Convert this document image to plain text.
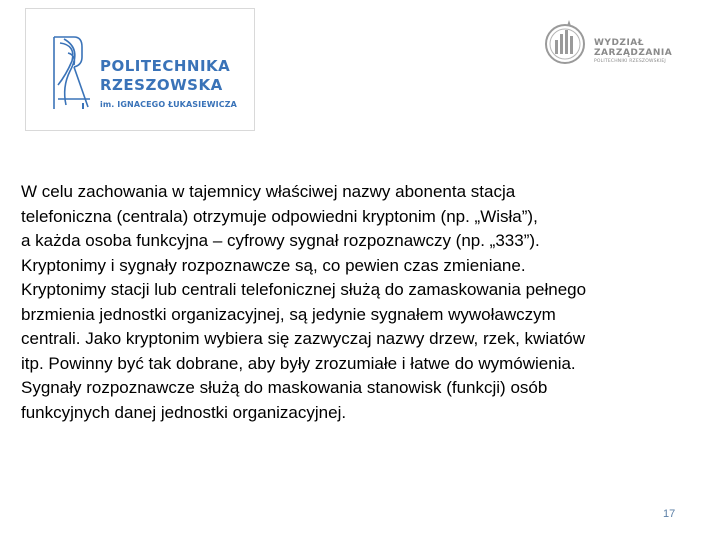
POLITECHNIKA
RZESZOWSKA
im. IGNACEGO ŁUKASIEWICZA
WYDZIAŁ
ZARZĄDZANIA
POLITECHNIKI RZESZOWSKIEJ
W celu zachowania w tajemnicy właściwej nazwy abonenta stacja
telefoniczna (centrala) otrzymuje odpowiedni kryptonim (np. „Wisła”),
a każda osoba funkcyjna – cyfrowy sygnał rozpoznawczy (np. „333”).
Kryptonimy i sygnały rozpoznawcze są, co pewien czas zmieniane.
Kryptonimy stacji lub centrali telefonicznej służą do zamaskowania pełnego
brzmienia jednostki organizacyjnej, są jedynie sygnałem wywoławczym
centrali. Jako kryptonim wybiera się zazwyczaj nazwy drzew, rzek, kwiatów
itp. Powinny być tak dobrane, aby były zrozumiałe i łatwe do wymówienia.
Sygnały rozpoznawcze służą do maskowania stanowisk (funkcji) osób
funkcyjnych danej jednostki organizacyjnej.
17
